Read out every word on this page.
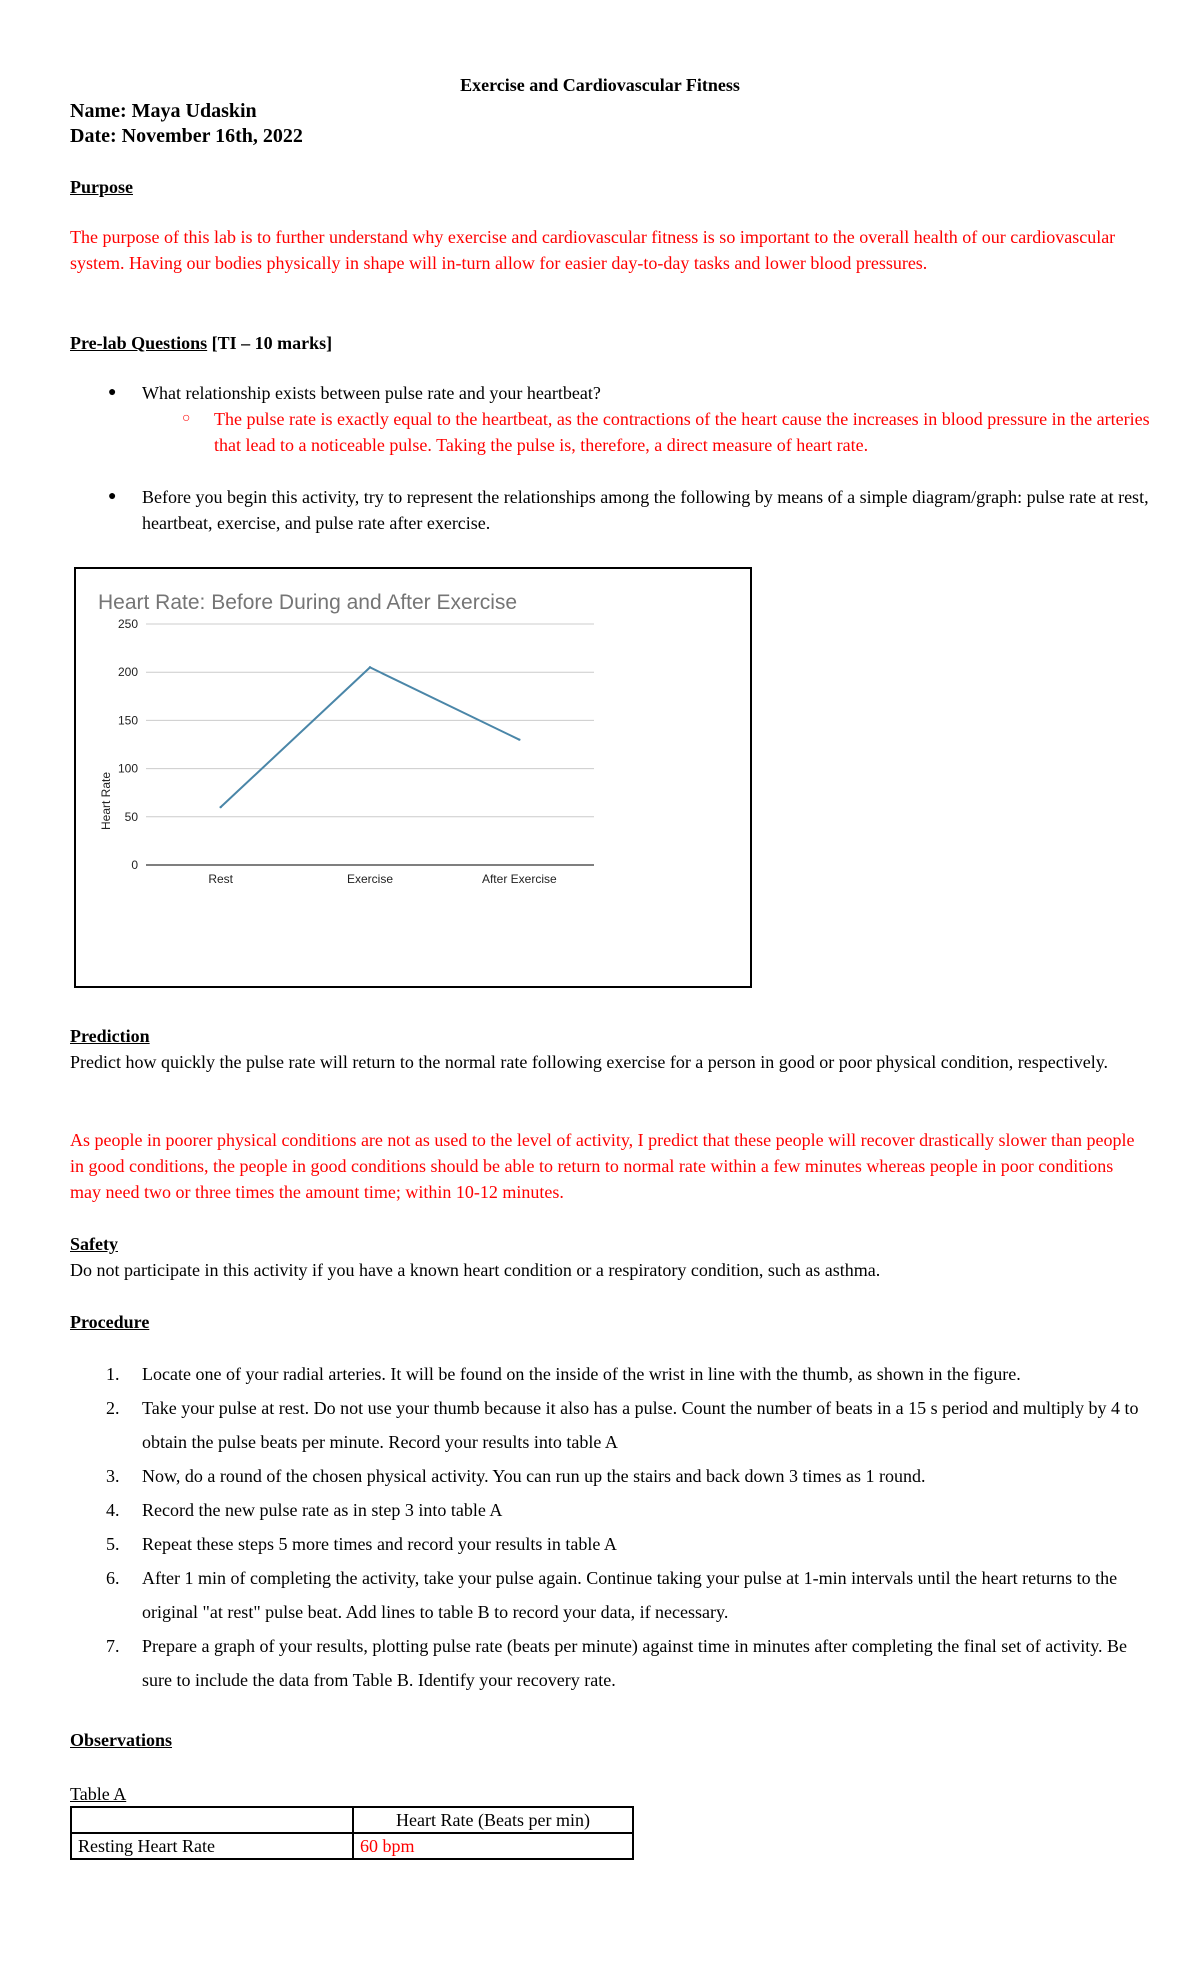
Exercise and Cardiovascular Fitness
Name: Maya Udaskin
Date: November 16th, 2022
Purpose
The purpose of this lab is to further understand why exercise and cardiovascular fitness is so important to the overall health of our cardiovascular system. Having our bodies physically in shape will in-turn allow for easier day-to-day tasks and lower blood pressures.
Pre-lab Questions [TI – 10 marks]
● What relationship exists between pulse rate and your heartbeat?
○ The pulse rate is exactly equal to the heartbeat, as the contractions of the heart cause the increases in blood pressure in the arteries that lead to a noticeable pulse. Taking the pulse is, therefore, a direct measure of heart rate.
● Before you begin this activity, try to represent the relationships among the following by means of a simple diagram/graph: pulse rate at rest, heartbeat, exercise, and pulse rate after exercise.
Heart Rate: Before During and After Exercise
Heart Rate
0
50
100
150
200
250
Rest	Exercise	After Exercise
Prediction
Predict how quickly the pulse rate will return to the normal rate following exercise for a person in good or poor physical condition, respectively.
As people in poorer physical conditions are not as used to the level of activity, I predict that these people will recover drastically slower than people in good conditions, the people in good conditions should be able to return to normal rate within a few minutes whereas people in poor conditions may need two or three times the amount time; within 10-12 minutes.
Safety
Do not participate in this activity if you have a known heart condition or a respiratory condition, such as asthma.
Procedure
1. Locate one of your radial arteries. It will be found on the inside of the wrist in line with the thumb, as shown in the figure.
2. Take your pulse at rest. Do not use your thumb because it also has a pulse. Count the number of beats in a 15 s period and multiply by 4 to obtain the pulse beats per minute. Record your results into table A
3. Now, do a round of the chosen physical activity. You can run up the stairs and back down 3 times as 1 round.
4. Record the new pulse rate as in step 3 into table A
5. Repeat these steps 5 more times and record your results in table A
6. After 1 min of completing the activity, take your pulse again. Continue taking your pulse at 1-min intervals until the heart returns to the original "at rest" pulse beat. Add lines to table B to record your data, if necessary.
7. Prepare a graph of your results, plotting pulse rate (beats per minute) against time in minutes after completing the final set of activity. Be sure to include the data from Table B. Identify your recovery rate.
Observations
Table A
	Heart Rate (Beats per min)
Resting Heart Rate	60 bpm
